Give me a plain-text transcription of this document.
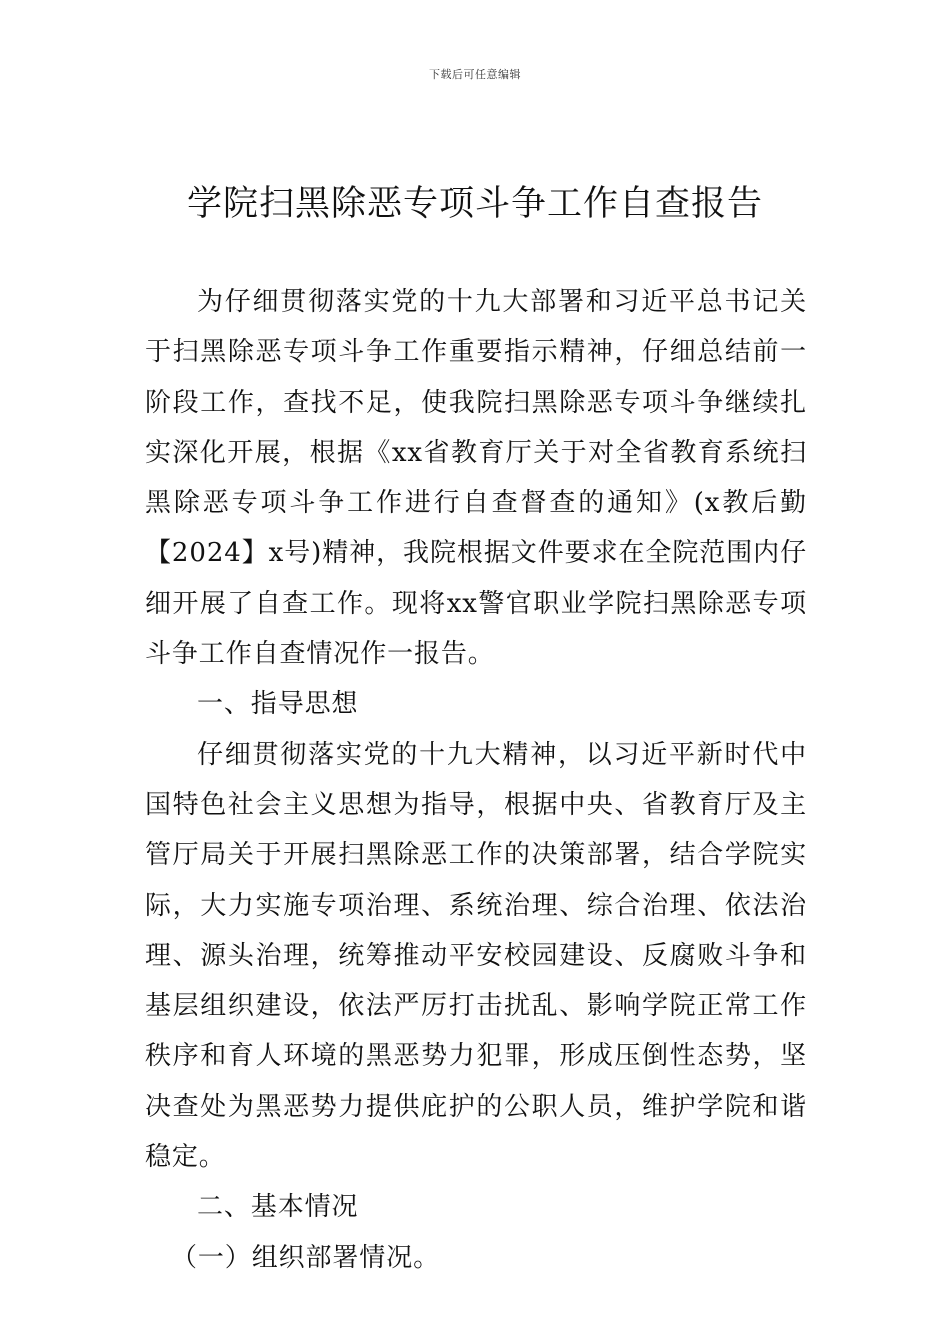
下载后可任意编辑
学院扫黑除恶专项斗争工作自查报告

为仔细贯彻落实党的十九大部署和习近平总书记关于扫黑除恶专项斗争工作重要指示精神，仔细总结前一阶段工作，查找不足，使我院扫黑除恶专项斗争继续扎实深化开展，根据《xx省教育厅关于对全省教育系统扫黑除恶专项斗争工作进行自查督查的通知》(x教后勤【2024】x号)精神，我院根据文件要求在全院范围内仔细开展了自查工作。现将xx警官职业学院扫黑除恶专项斗争工作自查情况作一报告。

一、指导思想

仔细贯彻落实党的十九大精神，以习近平新时代中国特色社会主义思想为指导，根据中央、省教育厅及主管厅局关于开展扫黑除恶工作的决策部署，结合学院实际，大力实施专项治理、系统治理、综合治理、依法治理、源头治理，统筹推动平安校园建设、反腐败斗争和基层组织建设，依法严厉打击扰乱、影响学院正常工作秩序和育人环境的黑恶势力犯罪，形成压倒性态势，坚决查处为黑恶势力提供庇护的公职人员，维护学院和谐稳定。

二、基本情况

（一）组织部署情况。
